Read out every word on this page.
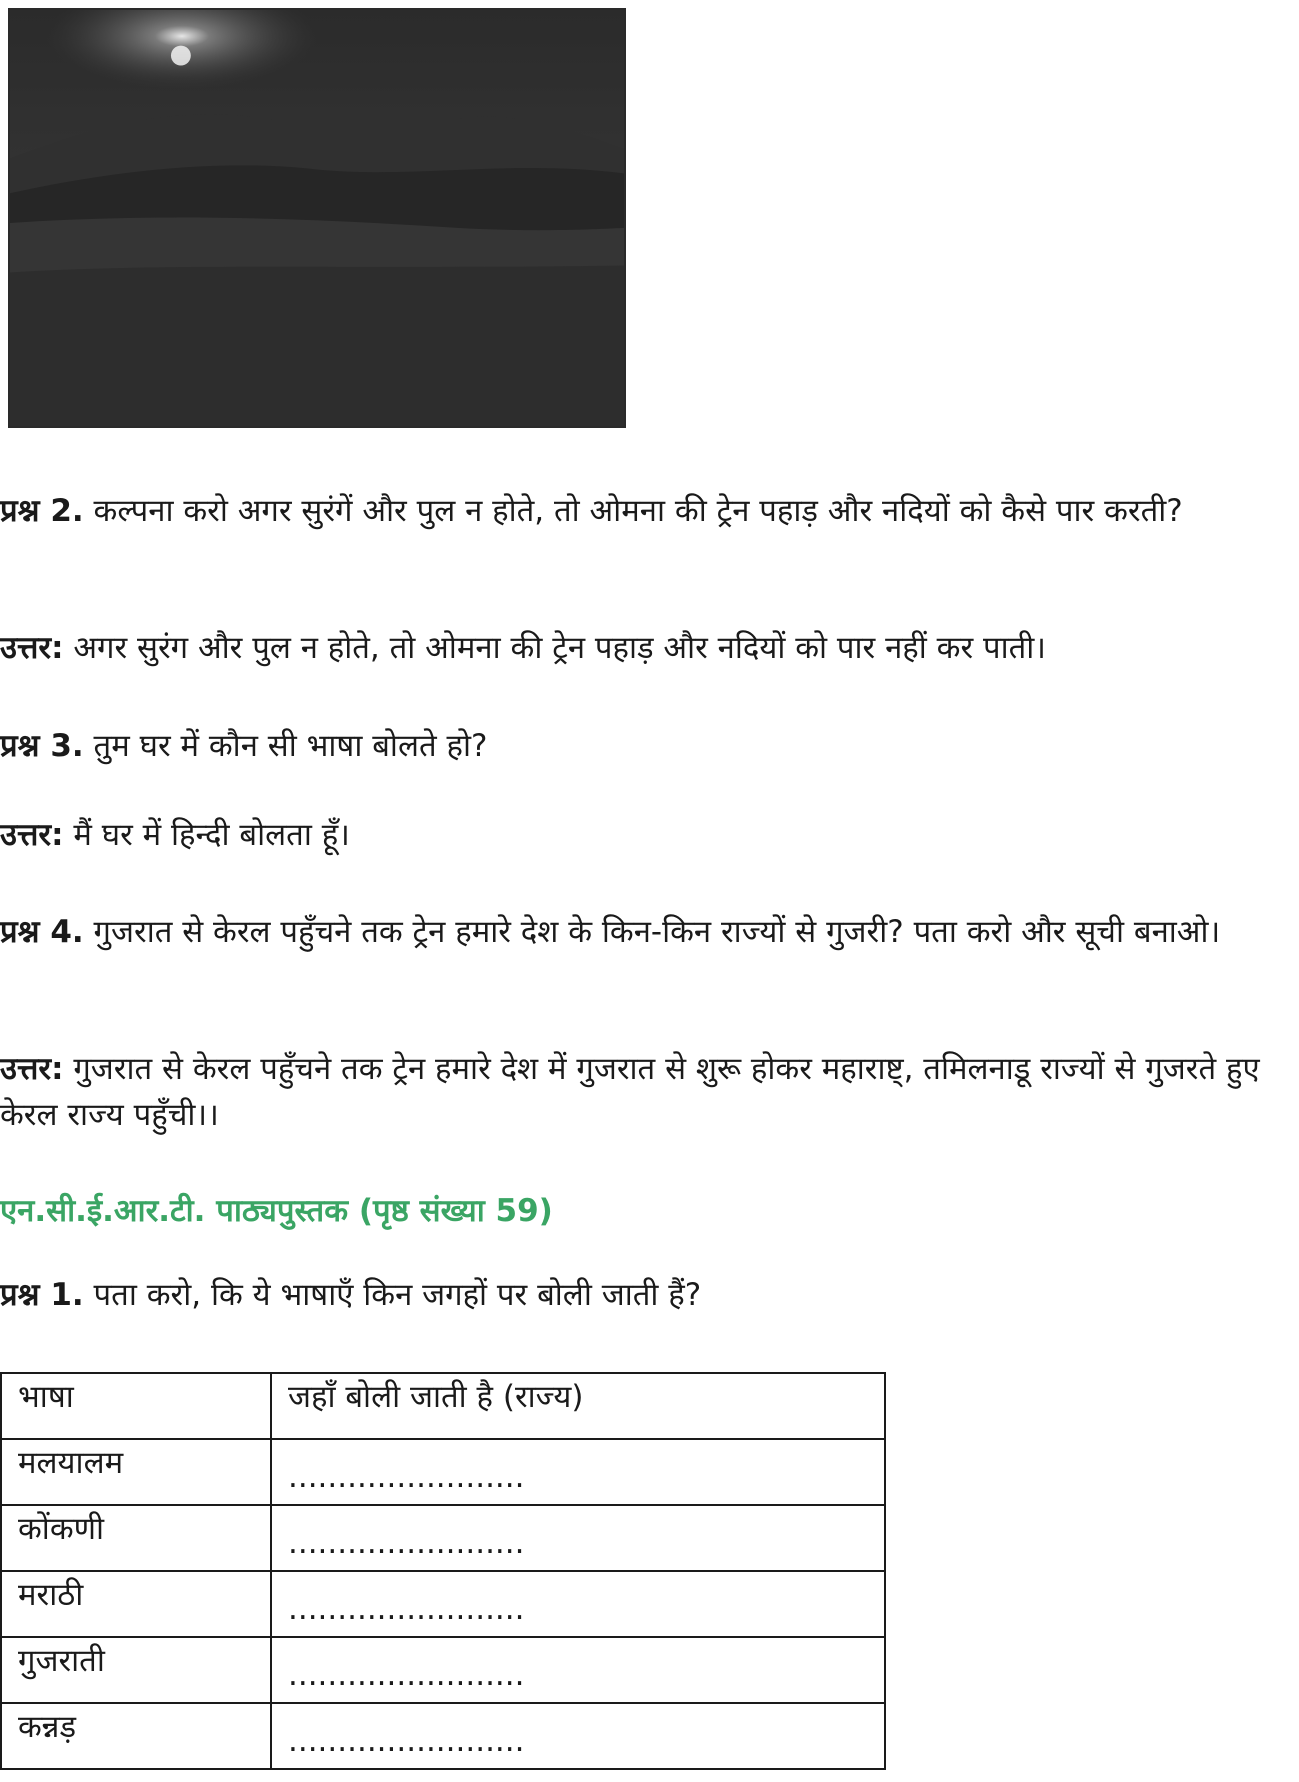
प्रश्न 2. कल्पना करो अगर सुरंगें और पुल न होते, तो ओमना की ट्रेन पहाड़ और नदियों को कैसे पार करती?

उत्तर: अगर सुरंग और पुल न होते, तो ओमना की ट्रेन पहाड़ और नदियों को पार नहीं कर पाती।

प्रश्न 3. तुम घर में कौन सी भाषा बोलते हो?

उत्तर: मैं घर में हिन्दी बोलता हूँ।

प्रश्न 4. गुजरात से केरल पहुँचने तक ट्रेन हमारे देश के किन-किन राज्यों से गुजरी? पता करो और सूची बनाओ।

उत्तर: गुजरात से केरल पहुँचने तक ट्रेन हमारे देश में गुजरात से शुरू होकर महाराष्ट्, तमिलनाडू राज्यों से गुजरते हुए केरल राज्य पहुँची।।

एन.सी.ई.आर.टी. पाठ्यपुस्तक (पृष्ठ संख्या 59)

प्रश्न 1. पता करो, कि ये भाषाएँ किन जगहों पर बोली जाती हैं?

भाषा	जहाँ बोली जाती है (राज्य)
मलयालम	........................
कोंकणी	........................
मराठी	........................
गुजराती	........................
कन्नड़	........................
